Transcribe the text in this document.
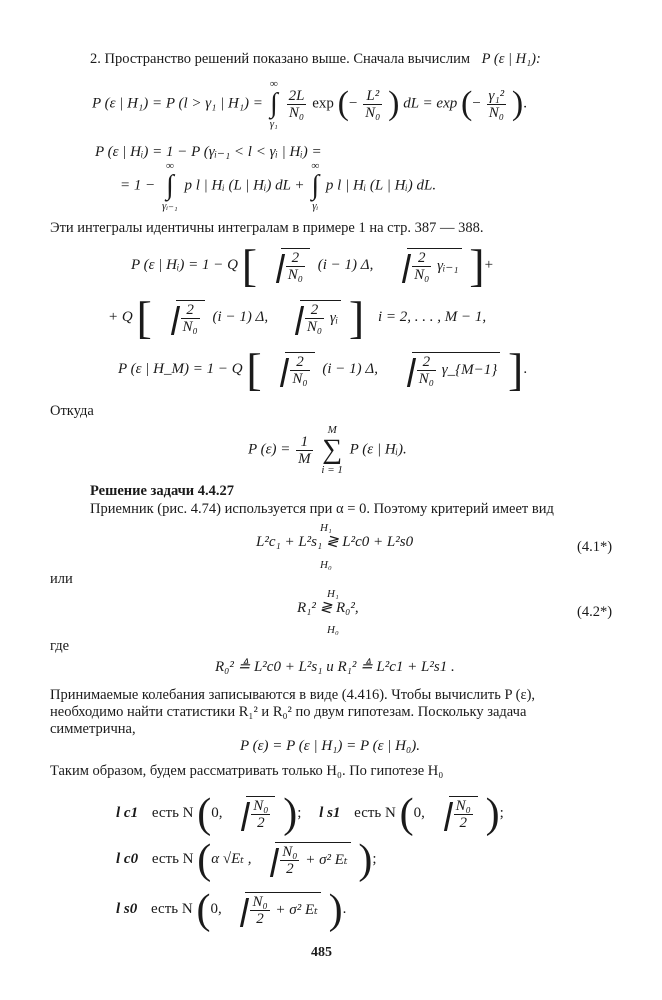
2. Пространство решений показано выше. Сначала вычислим P (ε | H₁):
P (ε | H₁) = P (l > γ₁ | H₁) =
∞
∫
γ₁

$\frac{2L}{\text{N₀}}$ exp (− $\frac{\text{L²}}{\text{N₀}}$ ) dL = exp (− $\frac{\text{γ₁²}}{\text{N₀}}$ ).
P (ε | Hᵢ) = 1 − P (γᵢ₋₁ < l < γᵢ | Hᵢ) =
= 1 −
∞
∫
γᵢ₋₁
p l | Hᵢ (L | Hᵢ) dL +
∞
∫
γᵢ
p l | Hᵢ (L | Hᵢ) dL.
Эти интегралы идентичны интегралам в примере 1 на стр. 387 — 388.
P (ε | Hᵢ) = 1 − Q [ $\frac{2}{\text{N₀}} (i - 1)$ Δ,	$\frac{2}{\text{N₀}}$ γᵢ₋₁ ]+
+ Q [ $\frac{2}{\text{N₀}} (i - 1)$ Δ, $\frac{2}{\text{N₀}}$ γᵢ ] i = 2, . . . , M − 1,
P (ε | H_M) = 1 − Q [ $\frac{2}{\text{N₀}} (i - 1)$ Δ,	$\frac{2}{\text{N₀}}$ γ_{M−1} ].
Откуда
P $(\varepsilon) = \frac{1}{M}$

M
∑
i = 1
P (ε | Hᵢ).
Решение задачи 4.4.27
Приемник (рис. 4.74) используется при α = 0. Поэтому критерий имеет вид
L²c₁ + L²s₁ ≷ L²c0 + L²s0
H₁
H₀
(4.1*)
или
R₁² ≷ R₀²,
H₁
H₀
(4.2*)
где
R₀² ≜ L²c0 + L²s₁ и R₁² ≜ L²c1 + L²s1 .
Принимаемые колебания записываются в виде (4.416). Чтобы вычислить P (ε),
необходимо найти статистики R₁² и R₀² по двум гипотезам. Поскольку задача
симметрична,
P (ε) = P (ε | H₁) = P (ε | H₀).
Таким образом, будем рассматривать только H₀. По гипотезе H₀
l c1 есть N (0, $\frac{\text{N₀}}{2}$ ); l s1 есть N (0, $\frac{\text{N₀}}{2}$ );
l c0 есть N (α √Eₜ , $\frac{\text{N₀}}{2} + \sigma^2$ Eₜ );
l s0 есть N (0, $\frac{\text{N₀}}{2} + \sigma^2$ Eₜ ).
485
